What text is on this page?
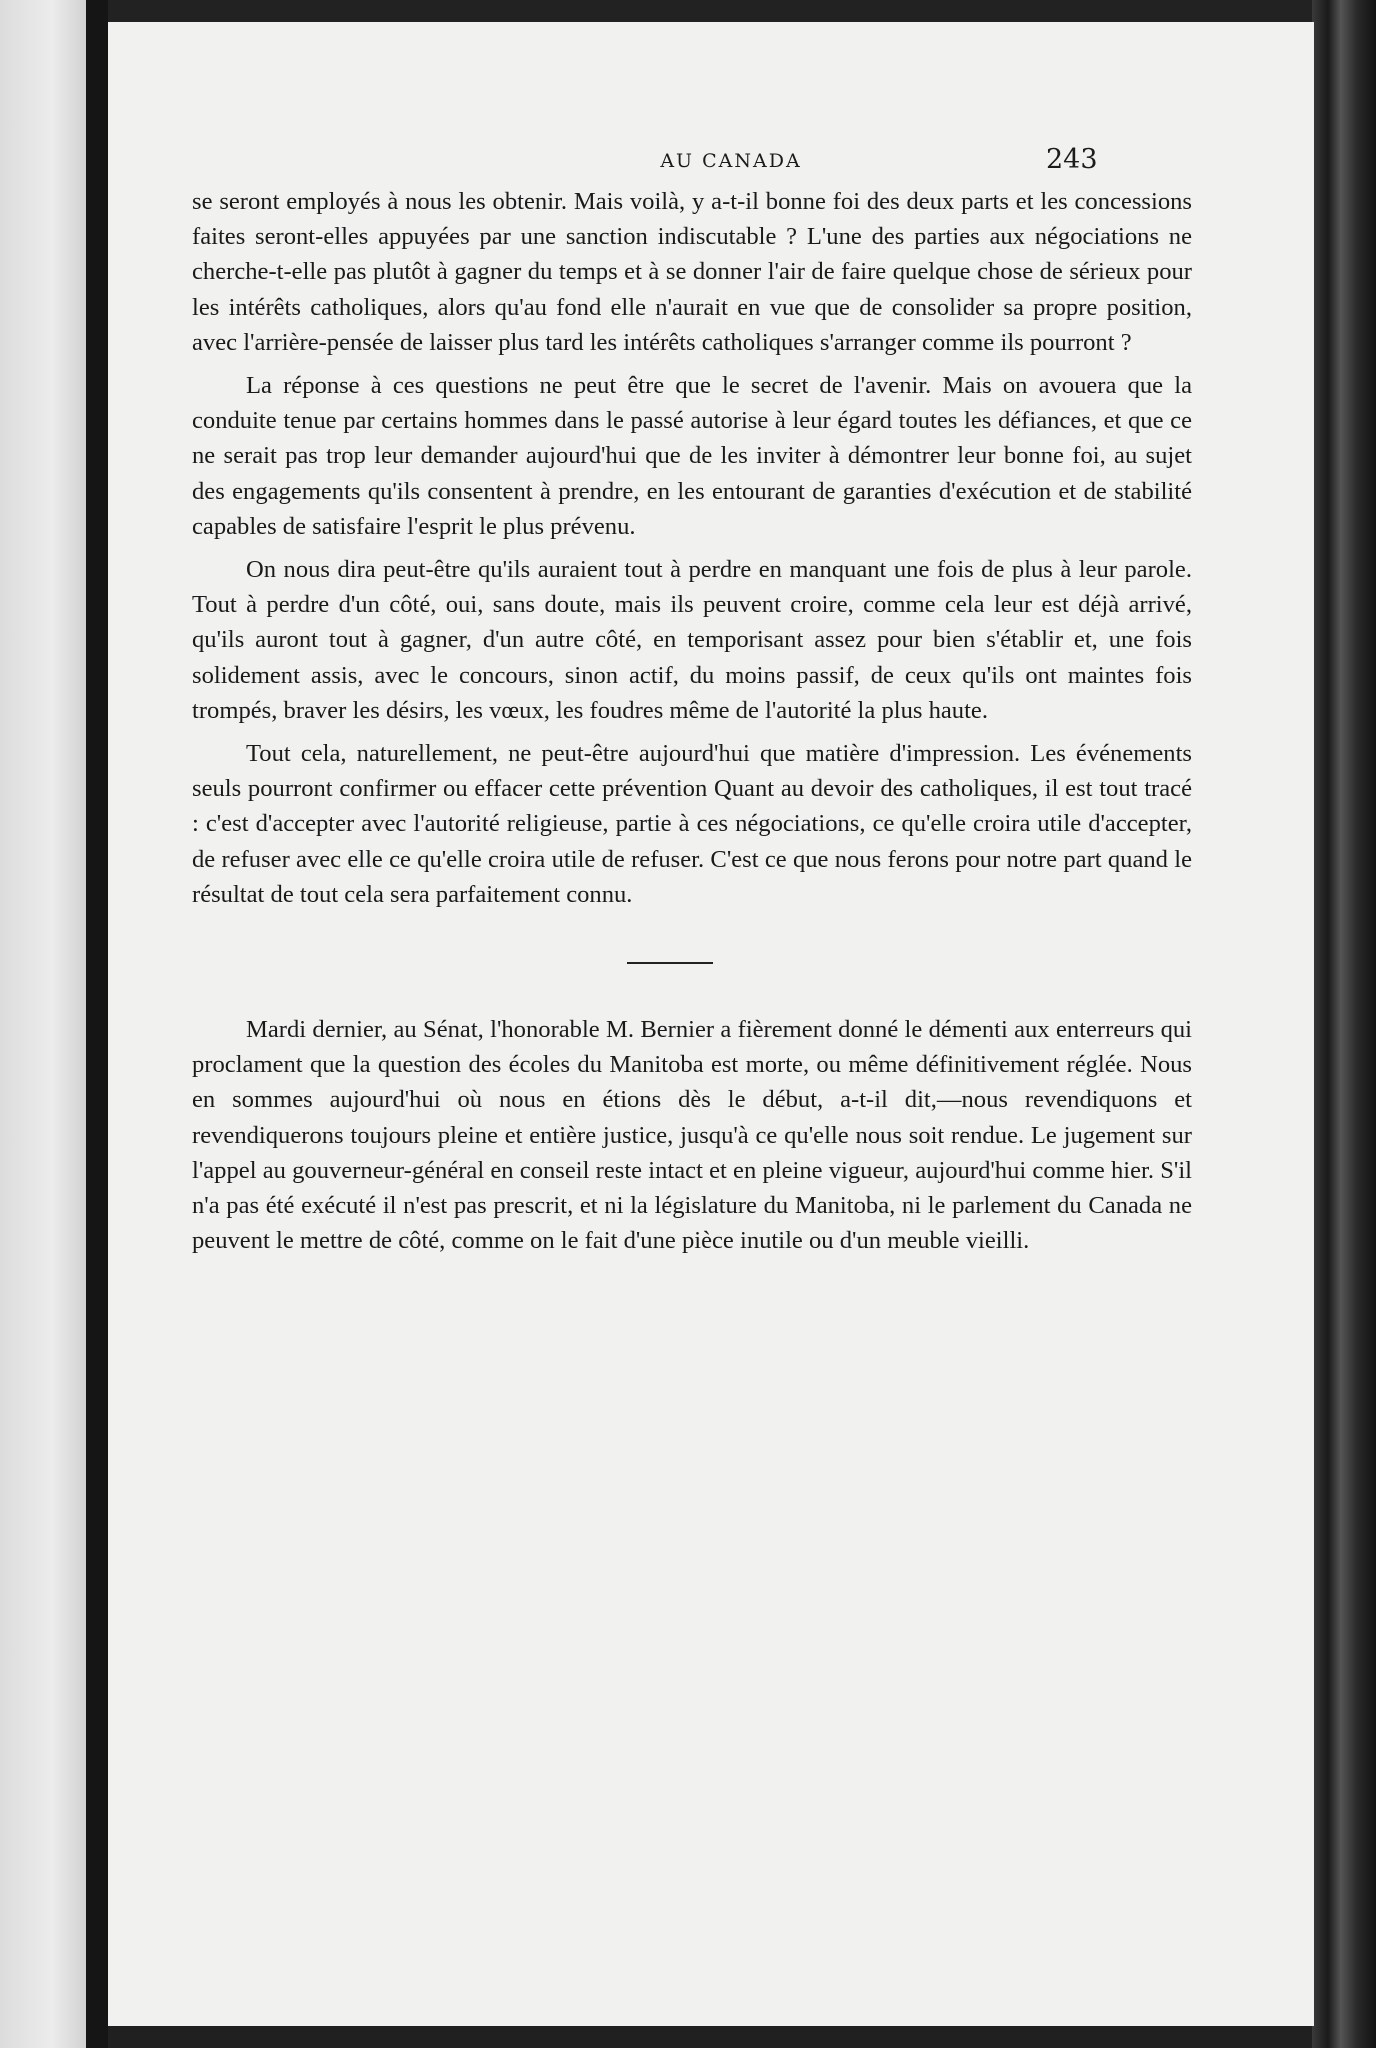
AU CANADA	243

se seront employés à nous les obtenir. Mais voilà, y a-t-il bonne foi des deux parts et les concessions faites seront-elles appuyées par une sanction indiscutable ? L'une des parties aux négociations ne cherche-t-elle pas plutôt à gagner du temps et à se donner l'air de faire quelque chose de sérieux pour les intérêts catholiques, alors qu'au fond elle n'aurait en vue que de consolider sa propre position, avec l'arrière-pensée de laisser plus tard les intérêts catholiques s'arranger comme ils pourront ?

La réponse à ces questions ne peut être que le secret de l'avenir. Mais on avouera que la conduite tenue par certains hommes dans le passé autorise à leur égard toutes les défiances, et que ce ne serait pas trop leur demander aujourd'hui que de les inviter à démontrer leur bonne foi, au sujet des engagements qu'ils consentent à prendre, en les entourant de garanties d'exécution et de stabilité capables de satisfaire l'esprit le plus prévenu.

On nous dira peut-être qu'ils auraient tout à perdre en manquant une fois de plus à leur parole. Tout à perdre d'un côté, oui, sans doute, mais ils peuvent croire, comme cela leur est déjà arrivé, qu'ils auront tout à gagner, d'un autre côté, en temporisant assez pour bien s'établir et, une fois solidement assis, avec le concours, sinon actif, du moins passif, de ceux qu'ils ont maintes fois trompés, braver les désirs, les vœux, les foudres même de l'autorité la plus haute.

Tout cela, naturellement, ne peut-être aujourd'hui que matière d'impression. Les événements seuls pourront confirmer ou effacer cette prévention Quant au devoir des catholiques, il est tout tracé : c'est d'accepter avec l'autorité religieuse, partie à ces négociations, ce qu'elle croira utile d'accepter, de refuser avec elle ce qu'elle croira utile de refuser. C'est ce que nous ferons pour notre part quand le résultat de tout cela sera parfaitement connu.

Mardi dernier, au Sénat, l'honorable M. Bernier a fièrement donné le démenti aux enterreurs qui proclament que la question des écoles du Manitoba est morte, ou même définitivement réglée. Nous en sommes aujourd'hui où nous en étions dès le début, a-t-il dit,—nous revendiquons et revendiquerons toujours pleine et entière justice, jusqu'à ce qu'elle nous soit rendue. Le jugement sur l'appel au gouverneur-général en conseil reste intact et en pleine vigueur, aujourd'hui comme hier. S'il n'a pas été exécuté il n'est pas prescrit, et ni la législature du Manitoba, ni le parlement du Canada ne peuvent le mettre de côté, comme on le fait d'une pièce inutile ou d'un meuble vieilli.
